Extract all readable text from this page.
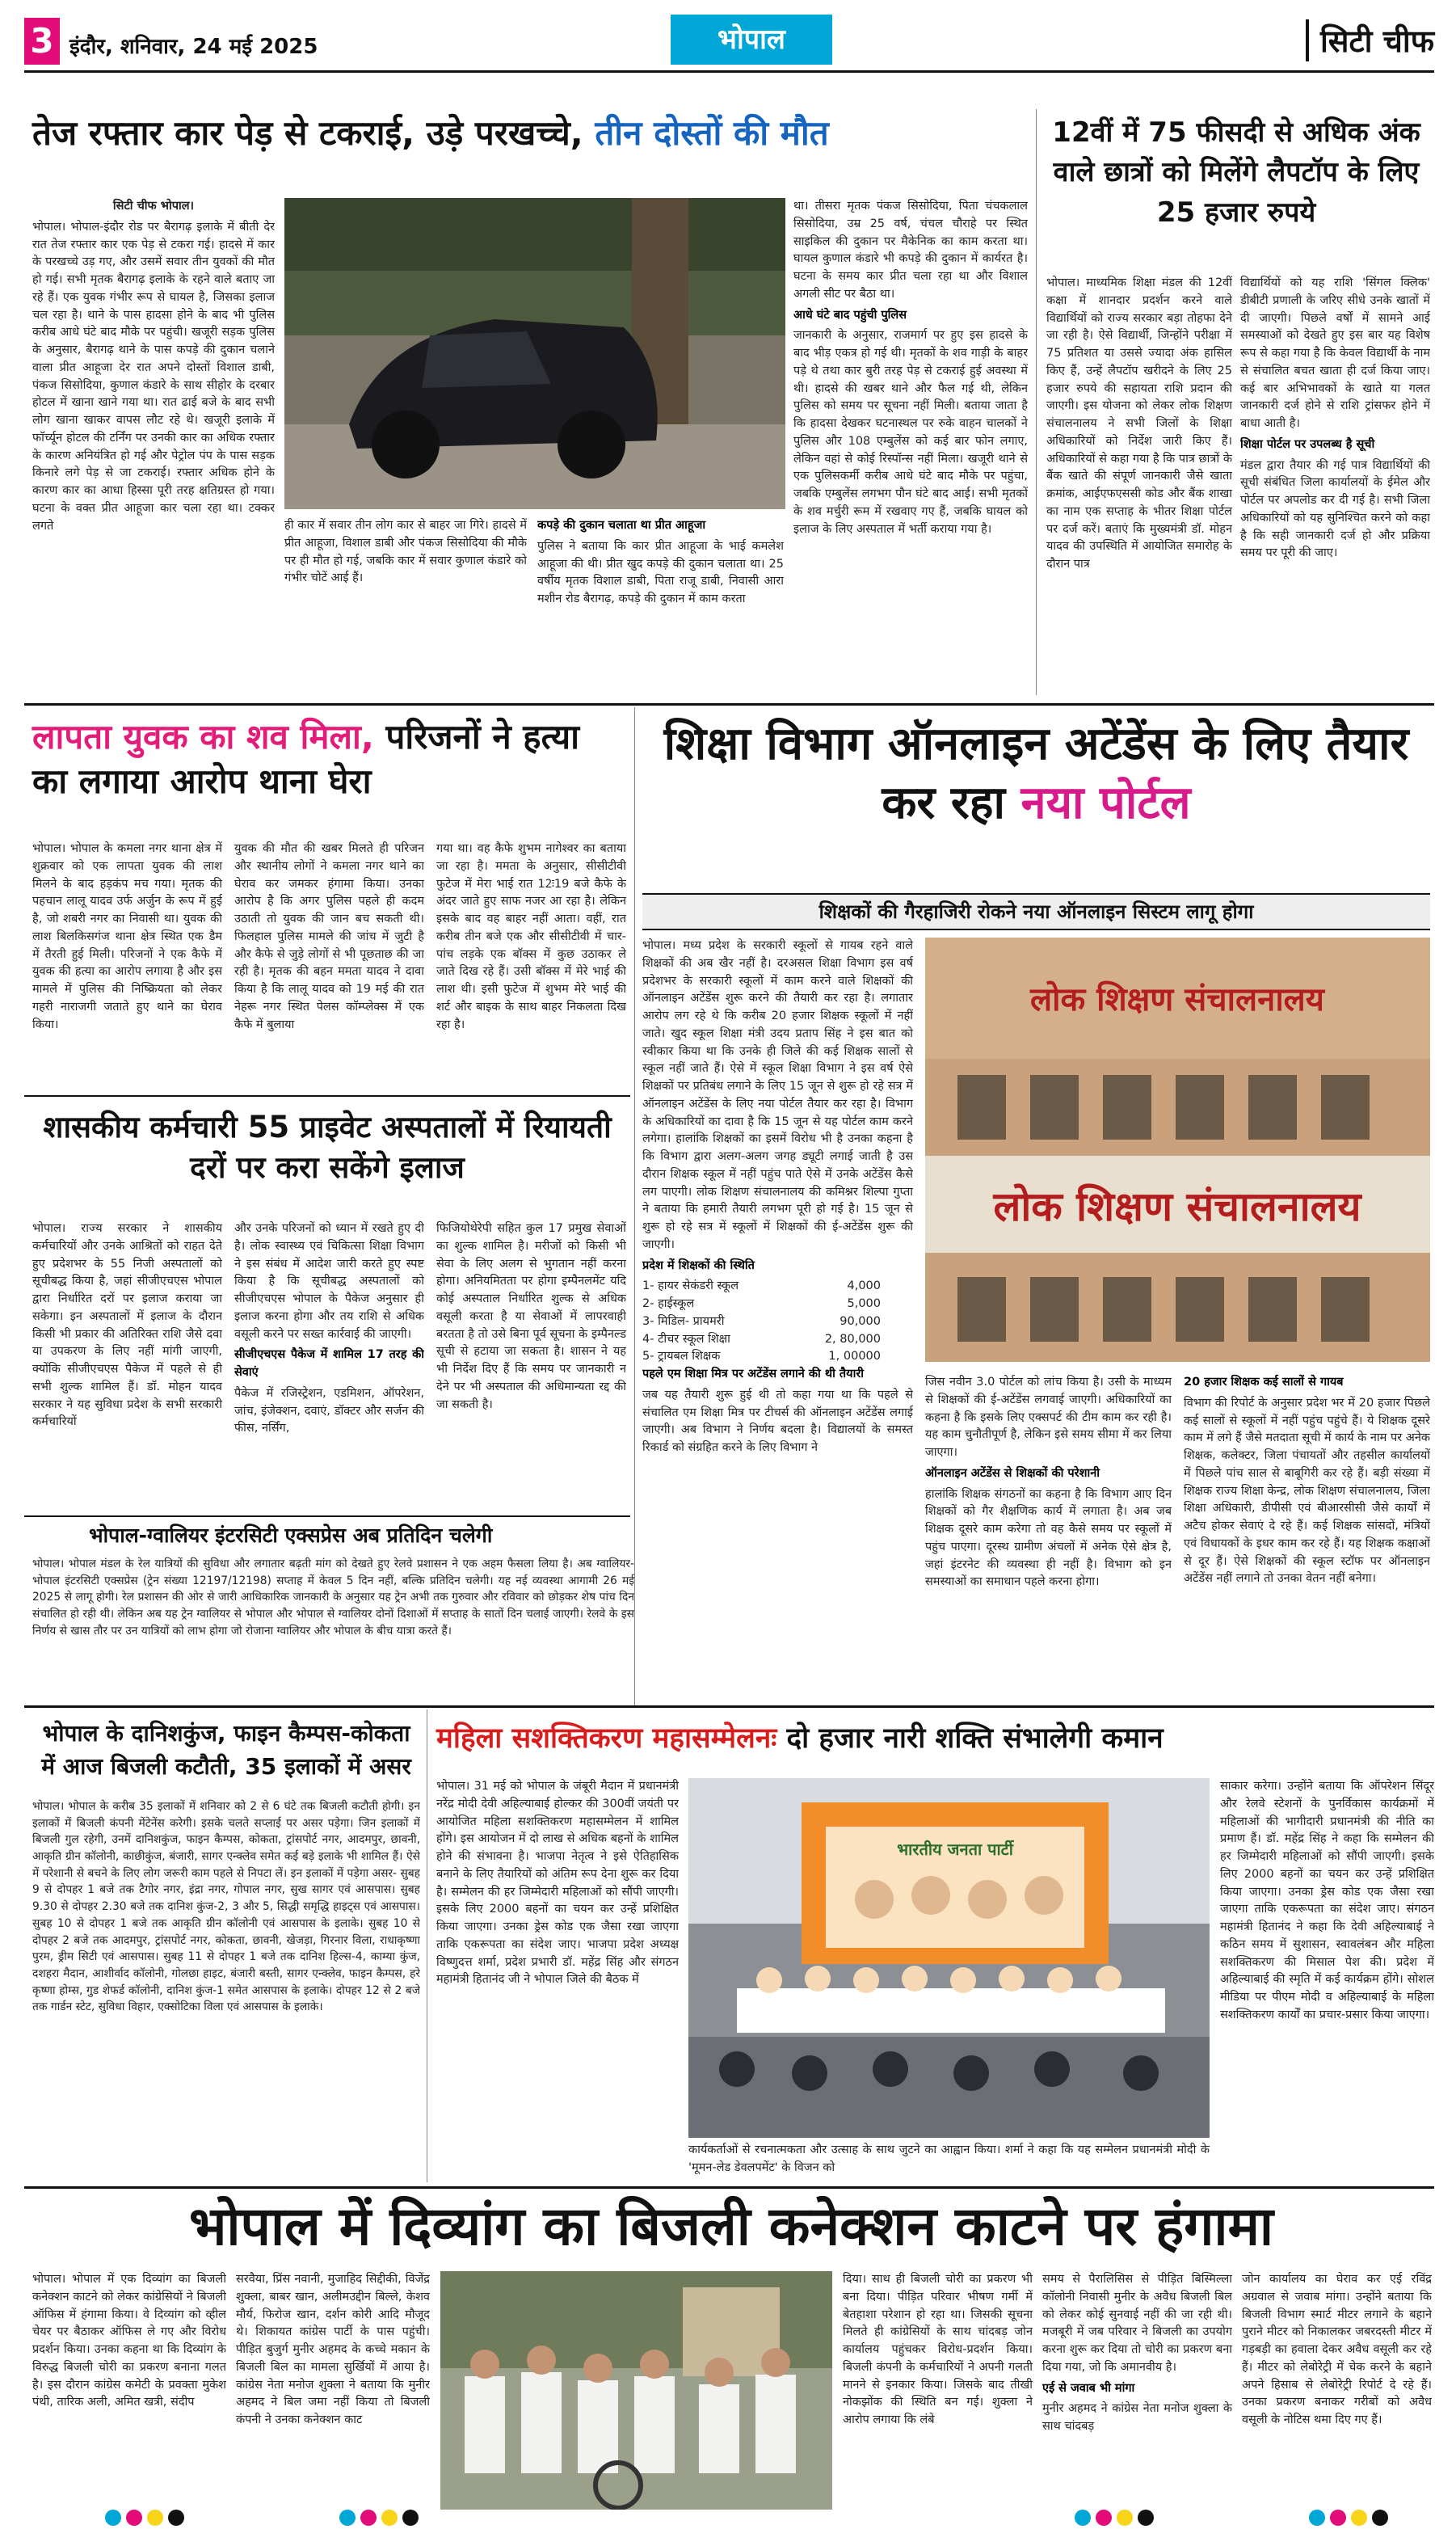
3 इंदौर, शनिवार, 24 मई 2025	भोपाल	सिटी चीफ
तेज रफ्तार कार पेड़ से टकराई, उड़े परखच्चे, तीन दोस्तों की मौत

सिटी चीफ भोपाल।

भोपाल। भोपाल-इंदौर रोड पर बैरागढ़ इलाके में बीती देर रात तेज रफ्तार कार एक पेड़ से टकरा गई। हादसे में कार के परखच्चे उड़ गए, और उसमें सवार तीन युवकों की मौत हो गई। सभी मृतक बैरागढ़ इलाके के रहने वाले बताए जा रहे हैं। एक युवक गंभीर रूप से घायल है, जिसका इलाज चल रहा है। थाने के पास हादसा होने के बाद भी पुलिस करीब आधे घंटे बाद मौके पर पहुंची। खजूरी सड़क पुलिस के अनुसार, बैरागढ़ थाने के पास कपड़े की दुकान चलाने वाला प्रीत आहूजा देर रात अपने दोस्तों विशाल डाबी, पंकज सिसोदिया, कुणाल कंडारे के साथ सीहोर के दरबार होटल में खाना खाने गया था। रात ढाई बजे के बाद सभी लोग खाना खाकर वापस लौट रहे थे। खजूरी इलाके में फाॅर्च्यून होटल की टर्निंग पर उनकी कार का अधिक रफ्तार के कारण अनियंत्रित हो गई और पेट्रोल पंप के पास सड़क किनारे लगे पेड़ से जा टकराई। रफ्तार अधिक होने के कारण कार का आधा हिस्सा पूरी तरह क्षतिग्रस्त हो गया। घटना के वक्त प्रीत आहूजा कार चला रहा था। टक्कर लगते	ही कार में सवार तीन लोग कार से बाहर जा गिरे। हादसे में प्रीत आहूजा, विशाल डाबी और पंकज सिसोदिया की मौके पर ही मौत हो गई, जबकि कार में सवार कुणाल कंडारे को गंभीर चोटें आई हैं।

कपड़े की दुकान चलाता था प्रीत आहूजा

पुलिस ने बताया कि कार प्रीत आहूजा के भाई कमलेश आहूजा की थी। प्रीत खुद कपड़े की दुकान चलाता था। 25 वर्षीय मृतक विशाल डाबी, पिता राजू डाबी, निवासी आरा मशीन रोड बैरागढ़, कपड़े की दुकान में काम करता

था। तीसरा मृतक पंकज सिसोदिया, पिता चंचकलाल सिसोदिया, उम्र 25 वर्ष, चंचल चौराहे पर स्थित साइकिल की दुकान पर मैकेनिक का काम करता था। घायल कुणाल कंडारे भी कपड़े की दुकान में कार्यरत है। घटना के समय कार प्रीत चला रहा था और विशाल अगली सीट पर बैठा था।

आधे घंटे बाद पहुंची पुलिस

जानकारी के अनुसार, राजमार्ग पर हुए इस हादसे के बाद भीड़ एकत्र हो गई थी। मृतकों के शव गाड़ी के बाहर पड़े थे तथा कार बुरी तरह पेड़ से टकराई हुई अवस्था में थी। हादसे की खबर थाने और फैल गई थी, लेकिन पुलिस को समय पर सूचना नहीं मिली। बताया जाता है कि हादसा देखकर घटनास्थल पर रुके वाहन चालकों ने पुलिस और 108 एम्बुलेंस को कई बार फोन लगाए, लेकिन वहां से कोई रिस्पॉन्स नहीं मिला। खजूरी थाने से एक पुलिसकर्मी करीब आधे घंटे बाद मौके पर पहुंचा, जबकि एम्बुलेंस लगभग पौन घंटे बाद आई। सभी मृतकों के शव मर्चुरी रूम में रखवाए गए हैं, जबकि घायल को इलाज के लिए अस्पताल में भर्ती कराया गया है।

12वीं में 75 फीसदी से अधिक अंक वाले छात्रों को मिलेंगे लैपटॉप के लिए 25 हजार रुपये

भोपाल। माध्यमिक शिक्षा मंडल की 12वीं कक्षा में शानदार प्रदर्शन करने वाले विद्यार्थियों को राज्य सरकार बड़ा तोहफा देने जा रही है। ऐसे विद्यार्थी, जिन्होंने परीक्षा में 75 प्रतिशत या उससे ज्यादा अंक हासिल किए हैं, उन्हें लैपटॉप खरीदने के लिए 25 हजार रुपये की सहायता राशि प्रदान की जाएगी। इस योजना को लेकर लोक शिक्षण संचालनालय ने सभी जिलों के शिक्षा अधिकारियों को निर्देश जारी किए हैं। अधिकारियों से कहा गया है कि पात्र छात्रों के बैंक खाते की संपूर्ण जानकारी जैसे खाता क्रमांक, आईएफएससी कोड और बैंक शाखा का नाम एक सप्ताह के भीतर शिक्षा पोर्टल पर दर्ज करें। बताएं कि मुख्यमंत्री डॉ. मोहन यादव की उपस्थिति में आयोजित समारोह के दौरान पात्र

विद्यार्थियों को यह राशि 'सिंगल क्लिक' डीबीटी प्रणाली के जरिए सीधे उनके खातों में दी जाएगी। पिछले वर्षों में सामने आई समस्याओं को देखते हुए इस बार यह विशेष रूप से कहा गया है कि केवल विद्यार्थी के नाम से संचालित बचत खाता ही दर्ज किया जाए। कई बार अभिभावकों के खाते या गलत जानकारी दर्ज होने से राशि ट्रांसफर होने में बाधा आती है।

शिक्षा पोर्टल पर उपलब्ध है सूची

मंडल द्वारा तैयार की गई पात्र विद्यार्थियों की सूची संबंधित जिला कार्यालयों के ईमेल और पोर्टल पर अपलोड कर दी गई है। सभी जिला अधिकारियों को यह सुनिश्चित करने को कहा है कि सही जानकारी दर्ज हो और प्रक्रिया समय पर पूरी की जाए।

लापता युवक का शव मिला, परिजनों ने हत्या का लगाया आरोप थाना घेरा

भोपाल। भोपाल के कमला नगर थाना क्षेत्र में शुक्रवार को एक लापता युवक की लाश मिलने के बाद हड़कंप मच गया। मृतक की पहचान लालू यादव उर्फ अर्जुन के रूप में हुई है, जो शबरी नगर का निवासी था। युवक की लाश बिलकिसगंज थाना क्षेत्र स्थित एक डैम में तैरती हुई मिली। परिजनों ने एक कैफे में युवक की हत्या का आरोप लगाया है और इस मामले में पुलिस की निष्क्रियता को लेकर गहरी नाराजगी जताते हुए थाने का घेराव किया।

युवक की मौत की खबर मिलते ही परिजन और स्थानीय लोगों ने कमला नगर थाने का घेराव कर जमकर हंगामा किया। उनका आरोप है कि अगर पुलिस पहले ही कदम उठाती तो युवक की जान बच सकती थी। फिलहाल पुलिस मामले की जांच में जुटी है और कैफे से जुड़े लोगों से भी पूछताछ की जा रही है। मृतक की बहन ममता यादव ने दावा किया है कि लालू यादव को 19 मई की रात नेहरू नगर स्थित पेलस कॉम्प्लेक्स में एक कैफे में बुलाया

गया था। वह कैफे शुभम नागेश्वर का बताया जा रहा है। ममता के अनुसार, सीसीटीवी फुटेज में मेरा भाई रात 12ः19 बजे कैफे के अंदर जाते हुए साफ नजर आ रहा है। लेकिन इसके बाद वह बाहर नहीं आता। वहीं, रात करीब तीन बजे एक और सीसीटीवी में चार-पांच लड़के एक बॉक्स में कुछ उठाकर ले जाते दिख रहे हैं। उसी बॉक्स में मेरे भाई की लाश थी। इसी फुटेज में शुभम मेरे भाई की शर्ट और बाइक के साथ बाहर निकलता दिख रहा है।

शासकीय कर्मचारी 55 प्राइवेट अस्पतालों में रियायती दरों पर करा सकेंगे इलाज

भोपाल। राज्य सरकार ने शासकीय कर्मचारियों और उनके आश्रितों को राहत देते हुए प्रदेशभर के 55 निजी अस्पतालों को सूचीबद्ध किया है, जहां सीजीएचएस भोपाल द्वारा निर्धारित दरों पर इलाज कराया जा सकेगा। इन अस्पतालों में इलाज के दौरान किसी भी प्रकार की अतिरिक्त राशि जैसे दवा या उपकरण के लिए नहीं मांगी जाएगी, क्योंकि सीजीएचएस पैकेज में पहले से ही सभी शुल्क शामिल हैं। डॉ. मोहन यादव सरकार ने यह सुविधा प्रदेश के सभी सरकारी कर्मचारियों

और उनके परिजनों को ध्यान में रखते हुए दी है। लोक स्वास्थ्य एवं चिकित्सा शिक्षा विभाग ने इस संबंध में आदेश जारी करते हुए स्पष्ट किया है कि सूचीबद्ध अस्पतालों को सीजीएचएस भोपाल के पैकेज अनुसार ही इलाज करना होगा और तय राशि से अधिक वसूली करने पर सख्त कार्रवाई की जाएगी।

सीजीएचएस पैकेज में शामिल 17 तरह की सेवाएं

पैकेज में रजिस्ट्रेशन, एडमिशन, ऑपरेशन, जांच, इंजेक्शन, दवाएं, डॉक्टर और सर्जन की फीस, नर्सिंग,

फिजियोथेरेपी सहित कुल 17 प्रमुख सेवाओं का शुल्क शामिल है। मरीजों को किसी भी सेवा के लिए अलग से भुगतान नहीं करना होगा। अनियमितता पर होगा इम्पैनलमेंट यदि कोई अस्पताल निर्धारित शुल्क से अधिक वसूली करता है या सेवाओं में लापरवाही बरतता है तो उसे बिना पूर्व सूचना के इम्पैनल्ड सूची से हटाया जा सकता है। शासन ने यह भी निर्देश दिए हैं कि समय पर जानकारी न देने पर भी अस्पताल की अधिमान्यता रद्द की जा सकती है।

भोपाल-ग्वालियर इंटरसिटी एक्सप्रेस अब प्रतिदिन चलेगी

भोपाल। भोपाल मंडल के रेल यात्रियों की सुविधा और लगातार बढ़ती मांग को देखते हुए रेलवे प्रशासन ने एक अहम फैसला लिया है। अब ग्वालियर-भोपाल इंटरसिटी एक्सप्रेस (ट्रेन संख्या 12197/12198) सप्ताह में केवल 5 दिन नहीं, बल्कि प्रतिदिन चलेगी। यह नई व्यवस्था आगामी 26 मई 2025 से लागू होगी। रेल प्रशासन की ओर से जारी आधिकारिक जानकारी के अनुसार यह ट्रेन अभी तक गुरुवार और रविवार को छोड़कर शेष पांच दिन संचालित हो रही थी। लेकिन अब यह ट्रेन ग्वालियर से भोपाल और भोपाल से ग्वालियर दोनों दिशाओं में सप्ताह के सातों दिन चलाई जाएगी। रेलवे के इस निर्णय से खास तौर पर उन यात्रियों को लाभ होगा जो रोजाना ग्वालियर और भोपाल के बीच यात्रा करते हैं।

शिक्षा विभाग ऑनलाइन अटेंडेंस के लिए तैयार कर रहा नया पोर्टल
शिक्षकों की गैरहाजिरी रोकने नया ऑनलाइन सिस्टम लागू होगा

भोपाल। मध्य प्रदेश के सरकारी स्कूलों से गायब रहने वाले शिक्षकों की अब खैर नहीं है। दरअसल शिक्षा विभाग इस वर्ष प्रदेशभर के सरकारी स्कूलों में काम करने वाले शिक्षकों की ऑनलाइन अटेंडेंस शुरू करने की तैयारी कर रहा है। लगातार आरोप लग रहे थे कि करीब 20 हजार शिक्षक स्कूलों में नहीं जाते। खुद स्कूल शिक्षा मंत्री उदय प्रताप सिंह ने इस बात को स्वीकार किया था कि उनके ही जिले की कई शिक्षक सालों से स्कूल नहीं जाते हैं। ऐसे में स्कूल शिक्षा विभाग ने इस वर्ष ऐसे शिक्षकों पर प्रतिबंध लगाने के लिए 15 जून से शुरू हो रहे सत्र में ऑनलाइन अटेंडेंस के लिए नया पोर्टल तैयार कर रहा है। विभाग के अधिकारियों का दावा है कि 15 जून से यह पोर्टल काम करने लगेगा। हालांकि शिक्षकों का इसमें विरोध भी है उनका कहना है कि विभाग द्वारा अलग-अलग जगह ड्यूटी लगाई जाती है उस दौरान शिक्षक स्कूल में नहीं पहुंच पाते ऐसे में उनके अटेंडेंस कैसे लग पाएगी। लोक शिक्षण संचालनालय की कमिश्नर शिल्पा गुप्ता ने बताया कि हमारी तैयारी लगभग पूरी हो गई है। 15 जून से शुरू हो रहे सत्र में स्कूलों में शिक्षकों की ई-अटेंडेंस शुरू की जाएगी।

प्रदेश में शिक्षकों की स्थिति

1- हायर सेकंडरी स्कूल	4,000
2- हाईस्कूल	5,000
3- मिडिल- प्रायमरी	90,000
4- टीचर स्कूल शिक्षा	2, 80,000
5- ट्रायबल शिक्षक	1, 00000

पहले एम शिक्षा मित्र पर अटेंडेंस लगाने की थी तैयारी

जब यह तैयारी शुरू हुई थी तो कहा गया था कि पहले से संचालित एम शिक्षा मित्र पर टीचर्स की ऑनलाइन अटेंडेंस लगाई जाएगी। अब विभाग ने निर्णय बदला है। विद्यालयों के समस्त रिकार्ड को संग्रहित करने के लिए विभाग ने

लोक शिक्षण संचालनालय
लोक शिक्षण संचालनालय

जिस नवीन 3.0 पोर्टल को लांच किया है। उसी के माध्यम से शिक्षकों की ई-अटेंडेंस लगवाई जाएगी। अधिकारियों का कहना है कि इसके लिए एक्सपर्ट की टीम काम कर रही है। यह काम चुनौतीपूर्ण है, लेकिन इसे समय सीमा में कर लिया जाएगा।

ऑनलाइन अटेंडेंस से शिक्षकों की परेशानी

हालांकि शिक्षक संगठनों का कहना है कि विभाग आए दिन शिक्षकों को गैर शैक्षणिक कार्य में लगाता है। अब जब शिक्षक दूसरे काम करेगा तो वह कैसे समय पर स्कूलों में पहुंच पाएगा। दूरस्थ ग्रामीण अंचलों में अनेक ऐसे क्षेत्र है, जहां इंटरनेट की व्यवस्था ही नहीं है। विभाग को इन समस्याओं का समाधान पहले करना होगा।

20 हजार शिक्षक कई सालों से गायब

विभाग की रिपोर्ट के अनुसार प्रदेश भर में 20 हजार पिछले कई सालों से स्कूलों में नहीं पहुंच पहुंचे हैं। ये शिक्षक दूसरे काम में लगे हैं जैसे मतदाता सूची में कार्य के नाम पर अनेक शिक्षक, कलेक्टर, जिला पंचायतों और तहसील कार्यालयों में पिछले पांच साल से बाबूगिरी कर रहे हैं। बड़ी संख्या में शिक्षक राज्य शिक्षा केन्द्र, लोक शिक्षण संचालनालय, जिला शिक्षा अधिकारी, डीपीसी एवं बीआरसीसी जैसे कार्यों में अटैच होकर सेवाएं दे रहे हैं। कई शिक्षक सांसदों, मंत्रियों एवं विधायकों के इधर काम कर रहे हैं। यह शिक्षक कक्षाओं से दूर हैं। ऐसे शिक्षकों की स्कूल स्टॉफ पर ऑनलाइन अटेंडेंस नहीं लगाने तो उनका वेतन नहीं बनेगा।

भोपाल के दानिशकुंज, फाइन कैम्पस-कोकता में आज बिजली कटौती, 35 इलाकों में असर

भोपाल। भोपाल के करीब 35 इलाकों में शनिवार को 2 से 6 घंटे तक बिजली कटौती होगी। इन इलाकों में बिजली कंपनी मेंटेनेंस करेगी। इसके चलते सप्लाई पर असर पड़ेगा। जिन इलाकों में बिजली गुल रहेगी, उनमें दानिशकुंज, फाइन कैम्पस, कोकता, ट्रांसपोर्ट नगर, आदमपुर, छावनी, आकृति ग्रीन कॉलोनी, काछीकुंज, बंजारी, सागर एन्क्लेव समेत कई बड़े इलाके भी शामिल हैं। ऐसे में परेशानी से बचने के लिए लोग जरूरी काम पहले से निपटा लें। इन इलाकों में पड़ेगा असर- सुबह 9 से दोपहर 1 बजे तक टैगोर नगर, इंद्रा नगर, गोपाल नगर, सुख सागर एवं आसपास। सुबह 9.30 से दोपहर 2.30 बजे तक दानिश कुंज-2, 3 और 5, सिद्धी समृद्धि हाइट्स एवं आसपास। सुबह 10 से दोपहर 1 बजे तक आकृति ग्रीन कॉलोनी एवं आसपास के इलाके। सुबह 10 से दोपहर 2 बजे तक आदमपुर, ट्रांसपोर्ट नगर, कोकता, छावनी, खेजड़ा, गिरनार विला, राधाकृष्णा पुरम, ड्रीम सिटी एवं आसपास। सुबह 11 से दोपहर 1 बजे तक दानिश हिल्स-4, काम्या कुंज, दशहरा मैदान, आशीर्वाद कॉलोनी, गोलछा हाइट, बंजारी बस्ती, सागर एन्क्लेव, फाइन कैम्पस, हरे कृष्णा होम्स, गुड शेफर्ड कॉलोनी, दानिश कुंज-1 समेत आसपास के इलाके। दोपहर 12 से 2 बजे तक गार्डन स्टेट, सुविधा विहार, एक्सोटिका विला एवं आसपास के इलाके।

महिला सशक्तिकरण महासम्मेलनः दो हजार नारी शक्ति संभालेगी कमान

भोपाल। 31 मई को भोपाल के जंबूरी मैदान में प्रधानमंत्री नरेंद्र मोदी देवी अहिल्याबाई होल्कर की 300वीं जयंती पर आयोजित महिला सशक्तिकरण महासम्मेलन में शामिल होंगे। इस आयोजन में दो लाख से अधिक बहनों के शामिल होने की संभावना है। भाजपा नेतृत्व ने इसे ऐतिहासिक बनाने के लिए तैयारियों को अंतिम रूप देना शुरू कर दिया है। सम्मेलन की हर जिम्मेदारी महिलाओं को सौंपी जाएगी। इसके लिए 2000 बहनों का चयन कर उन्हें प्रशिक्षित किया जाएगा। उनका ड्रेस कोड एक जैसा रखा जाएगा ताकि एकरूपता का संदेश जाए। भाजपा प्रदेश अध्यक्ष विष्णुदत्त शर्मा, प्रदेश प्रभारी डॉ. महेंद्र सिंह और संगठन महामंत्री हितानंद जी ने भोपाल जिले की बैठक में

भारतीय जनता पार्टी
कार्यकर्ताओं से रचनात्मकता और उत्साह के साथ जुटने का आह्वान किया। शर्मा ने कहा कि यह सम्मेलन प्रधानमंत्री मोदी के 'मूमन-लेड डेवलपमेंट' के विजन को

साकार करेगा। उन्होंने बताया कि ऑपरेशन सिंदूर और रेलवे स्टेशनों के पुनर्विकास कार्यक्रमों में महिलाओं की भागीदारी प्रधानमंत्री की नीति का प्रमाण हैं। डॉ. महेंद्र सिंह ने कहा कि सम्मेलन की हर जिम्मेदारी महिलाओं को सौंपी जाएगी। इसके लिए 2000 बहनों का चयन कर उन्हें प्रशिक्षित किया जाएगा। उनका ड्रेस कोड एक जैसा रखा जाएगा ताकि एकरूपता का संदेश जाए। संगठन महामंत्री हितानंद ने कहा कि देवी अहिल्याबाई ने कठिन समय में सुशासन, स्वावलंबन और महिला सशक्तिकरण की मिसाल पेश की। प्रदेश में अहिल्याबाई की स्मृति में कई कार्यक्रम होंगे। सोशल मीडिया पर पीएम मोदी व अहिल्याबाई के महिला सशक्तिकरण कार्यों का प्रचार-प्रसार किया जाएगा।

भोपाल में दिव्यांग का बिजली कनेक्शन काटने पर हंगामा

भोपाल। भोपाल में एक दिव्यांग का बिजली कनेक्शन काटने को लेकर कांग्रेसियों ने बिजली ऑफिस में हंगामा किया। वे दिव्यांग को व्हील चेयर पर बैठाकर ऑफिस ले गए और विरोध प्रदर्शन किया। उनका कहना था कि दिव्यांग के विरुद्ध बिजली चोरी का प्रकरण बनाना गलत है। इस दौरान कांग्रेस कमेटी के प्रवक्ता मुकेश पंथी, तारिक अली, अमित खत्री, संदीप

सरवैया, प्रिंस नवानी, मुजाहिद सिद्दीकी, विजेंद्र शुक्ला, बाबर खान, अलीमउद्दीन बिल्ले, केशव मौर्य, फिरोज खान, दर्शन कोरी आदि मौजूद थे। शिकायत कांग्रेस पार्टी के पास पहुंची। पीड़ित बुजुर्ग मुनीर अहमद के कच्चे मकान के बिजली बिल का मामला सुर्खियों में आया है। कांग्रेस नेता मनोज शुक्ला ने बताया कि मुनीर अहमद ने बिल जमा नहीं किया तो बिजली कंपनी ने उनका कनेक्शन काट

दिया। साथ ही बिजली चोरी का प्रकरण भी बना दिया। पीड़ित परिवार भीषण गर्मी में बेतहाशा परेशान हो रहा था। जिसकी सूचना मिलते ही कांग्रेसियों के साथ चांदबड़ जोन कार्यालय पहुंचकर विरोध-प्रदर्शन किया। बिजली कंपनी के कर्मचारियों ने अपनी गलती मानने से इनकार किया। जिसके बाद तीखी नोकझोंक की स्थिति बन गई। शुक्ला ने आरोप लगाया कि लंबे

समय से पैरालिसिस से पीड़ित बिस्मिल्ला कॉलोनी निवासी मुनीर के अवैध बिजली बिल को लेकर कोई सुनवाई नहीं की जा रही थी। मजबूरी में जब परिवार ने बिजली का उपयोग करना शुरू कर दिया तो चोरी का प्रकरण बना दिया गया, जो कि अमानवीय है।

एई से जवाब भी मांगा

मुनीर अहमद ने कांग्रेस नेता मनोज शुक्ला के साथ चांदबड़

जोन कार्यालय का घेराव कर एई रविंद्र अग्रवाल से जवाब मांगा। उन्होंने बताया कि बिजली विभाग स्मार्ट मीटर लगाने के बहाने पुराने मीटर को निकालकर जबरदस्ती मीटर में गड़बड़ी का हवाला देकर अवैध वसूली कर रहे हैं। मीटर को लेबोरेट्री में चेक करने के बहाने अपने हिसाब से लेबोरेट्री रिपोर्ट दे रहे हैं। उनका प्रकरण बनाकर गरीबों को अवैध वसूली के नोटिस थमा दिए गए हैं।
